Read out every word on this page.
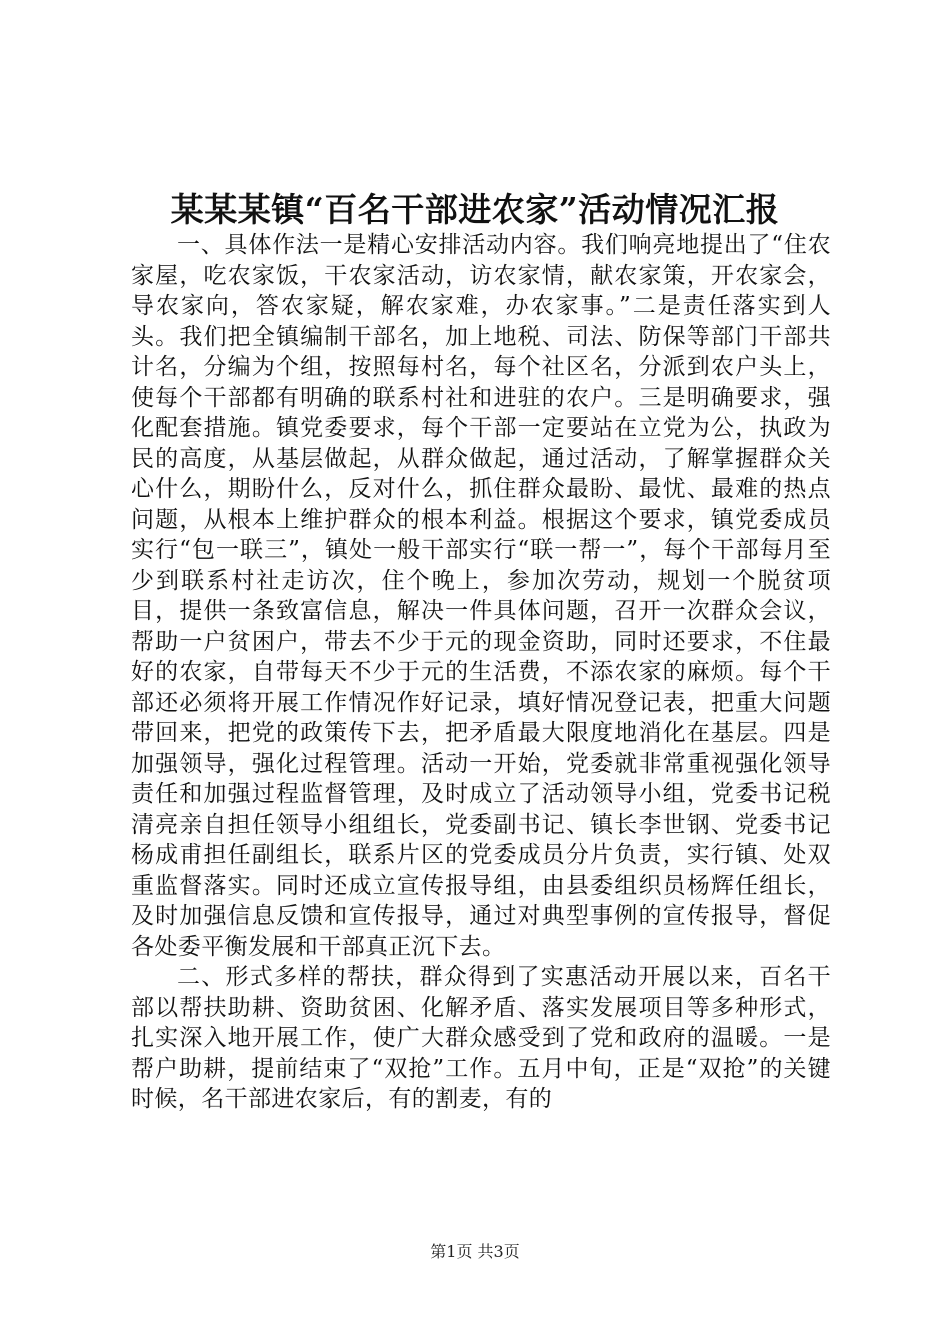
某某某镇“百名干部进农家”活动情况汇报

一、具体作法一是精心安排活动内容。我们响亮地提出了“住农家屋，吃农家饭，干农家活动，访农家情，献农家策，开农家会，导农家向，答农家疑，解农家难，办农家事。”二是责任落实到人头。我们把全镇编制干部名，加上地税、司法、防保等部门干部共计名，分编为个组，按照每村名，每个社区名，分派到农户头上，使每个干部都有明确的联系村社和进驻的农户。三是明确要求，强化配套措施。镇党委要求，每个干部一定要站在立党为公，执政为民的高度，从基层做起，从群众做起，通过活动，了解掌握群众关心什么，期盼什么，反对什么，抓住群众最盼、最忧、最难的热点问题，从根本上维护群众的根本利益。根据这个要求，镇党委成员实行“包一联三”，镇处一般干部实行“联一帮一”，每个干部每月至少到联系村社走访次，住个晚上，参加次劳动，规划一个脱贫项目，提供一条致富信息，解决一件具体问题，召开一次群众会议，帮助一户贫困户，带去不少于元的现金资助，同时还要求，不住最好的农家，自带每天不少于元的生活费，不添农家的麻烦。每个干部还必须将开展工作情况作好记录，填好情况登记表，把重大问题带回来，把党的政策传下去，把矛盾最大限度地消化在基层。四是加强领导，强化过程管理。活动一开始，党委就非常重视强化领导责任和加强过程监督管理，及时成立了活动领导小组，党委书记税清亮亲自担任领导小组组长，党委副书记、镇长李世钢、党委书记杨成甫担任副组长，联系片区的党委成员分片负责，实行镇、处双重监督落实。同时还成立宣传报导组，由县委组织员杨辉任组长，及时加强信息反馈和宣传报导，通过对典型事例的宣传报导，督促各处委平衡发展和干部真正沉下去。

二、形式多样的帮扶，群众得到了实惠活动开展以来，百名干部以帮扶助耕、资助贫困、化解矛盾、落实发展项目等多种形式，扎实深入地开展工作，使广大群众感受到了党和政府的温暖。一是帮户助耕，提前结束了“双抢”工作。五月中旬，正是“双抢”的关键时候，名干部进农家后，有的割麦，有的

第1页 共3页
